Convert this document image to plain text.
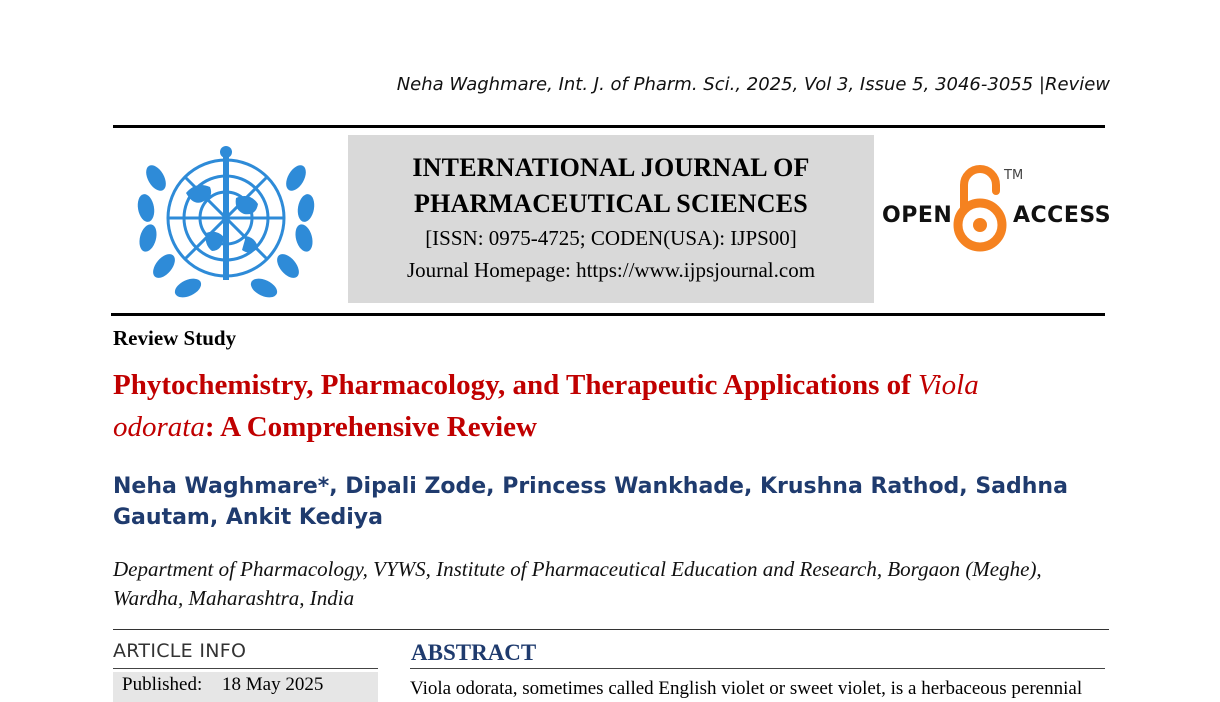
Neha Waghmare, Int. J. of Pharm. Sci., 2025, Vol 3, Issue 5, 3046-3055 |Review
INTERNATIONAL JOURNAL OF
PHARMACEUTICAL SCIENCES
[ISSN: 0975-4725; CODEN(USA): IJPS00]
Journal Homepage: https://www.ijpsjournal.com
OPEN
TM
ACCESS
Review Study
Phytochemistry, Pharmacology, and Therapeutic Applications of Viola
odorata: A Comprehensive Review
Neha Waghmare*, Dipali Zode, Princess Wankhade, Krushna Rathod, Sadhna Gautam, Ankit Kediya
Department of Pharmacology, VYWS, Institute of Pharmaceutical Education and Research, Borgaon (Meghe), Wardha, Maharashtra, India
ARTICLE INFO
Published: 18 May 2025
ABSTRACT
Viola odorata, sometimes called English violet or sweet violet, is a herbaceous perennial
